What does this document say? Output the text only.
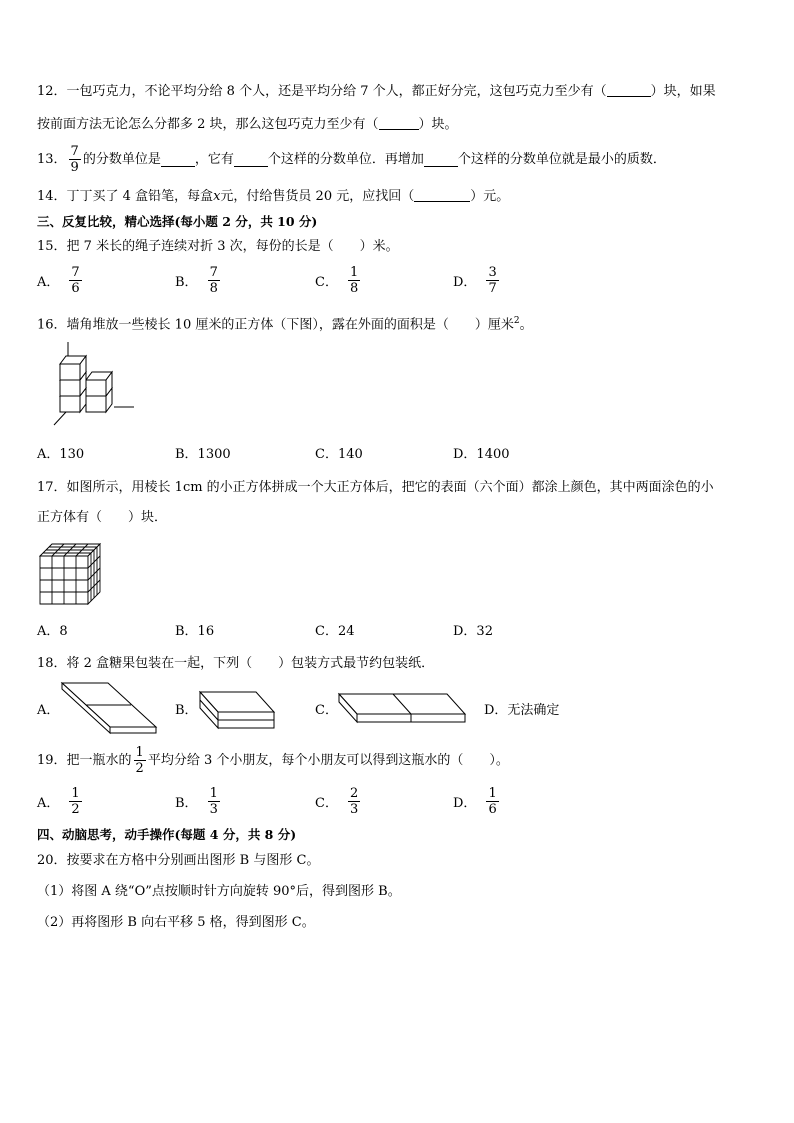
12．一包巧克力，不论平均分给 8 个人，还是平均分给 7 个人，都正好分完，这包巧克力至少有（	）块，如果
按前面方法无论怎么分都多 2 块，那么这包巧克力至少有（	）块。
13． $\frac{7}{9}$ 的分数单位是	，它有	个这样的分数单位．再增加	个这样的分数单位就是最小的质数．
14．丁丁买了 4 盒铅笔，每盒x元，付给售货员 20 元，应找回（	）元。
三、反复比较，精心选择(每小题 2 分，共 10 分)
15．把 7 米长的绳子连续对折 3 次，每份的长是（　　）米。
A． $\frac{7}{6}$	B． $\frac{7}{8}$	C． $\frac{1}{8}$	D． $\frac{3}{7}$
16．墙角堆放一些棱长 10 厘米的正方体（下图），露在外面的面积是（　　）厘米$^2$。
A．130	B．1300	C．140	D．1400
17．如图所示，用棱长 1cm 的小正方体拼成一个大正方体后，把它的表面（六个面）都涂上颜色，其中两面涂色的小
正方体有（　　）块．
A．8	B．16	C．24	D．32
18．将 2 盒糖果包装在一起，下列（　　）包装方式最节约包装纸．
A．	B．	C．	D．无法确定
19．把一瓶水的 $\frac{1}{2}$ 平均分给 3 个小朋友，每个小朋友可以得到这瓶水的（　　）。
A． $\frac{1}{2}$	B． $\frac{1}{3}$	C． $\frac{2}{3}$	D． $\frac{1}{6}$
四、动脑思考，动手操作(每题 4 分，共 8 分)
20．按要求在方格中分别画出图形 B 与图形 C。
（1）将图 A 绕“O”点按顺时针方向旋转 90°后，得到图形 B。
（2）再将图形 B 向右平移 5 格，得到图形 C。
